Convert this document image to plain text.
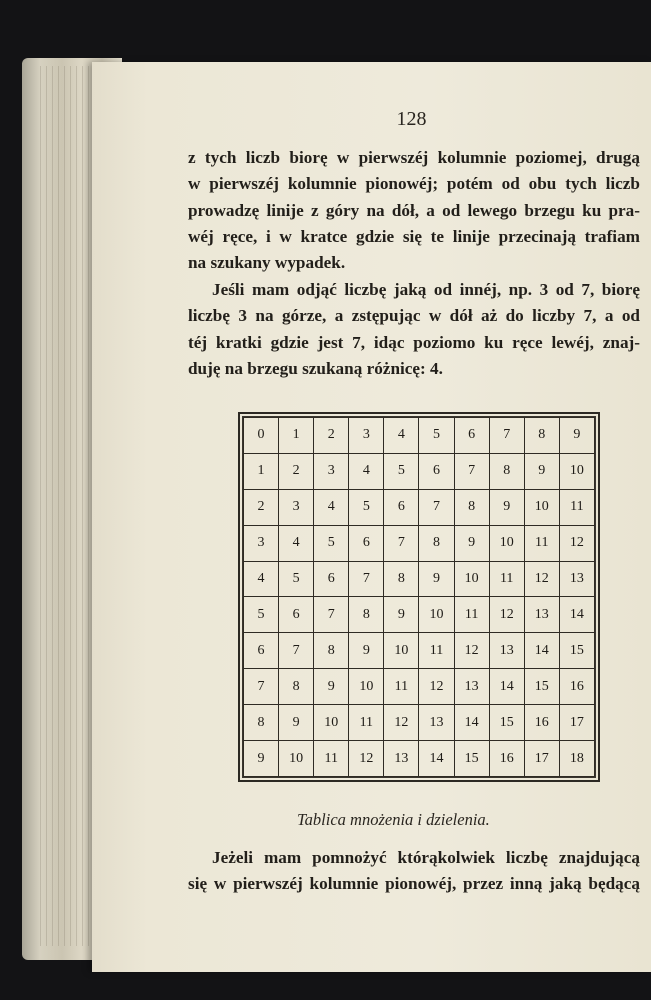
128
z tych liczb biorę w pierwszéj kolumnie poziomej, drugą
w pierwszéj kolumnie pionowéj; potém od obu tych liczb
prowadzę linije z góry na dół, a od lewego brzegu ku pra-
wéj ręce, i w kratce gdzie się te linije przecinają trafiam
na szukany wypadek.
Jeśli mam odjąć liczbę jaką od innéj, np. 3 od 7, biorę
liczbę 3 na górze, a zstępując w dół aż do liczby 7, a od
téj kratki gdzie jest 7, idąc poziomo ku ręce lewéj, znaj-
duję na brzegu szukaną różnicę: 4.
0	1	2	3	4	5	6	7	8	9
1	2	3	4	5	6	7	8	9	10
2	3	4	5	6	7	8	9	10	11
3	4	5	6	7	8	9	10	11	12
4	5	6	7	8	9	10	11	12	13
5	6	7	8	9	10	11	12	13	14
6	7	8	9	10	11	12	13	14	15
7	8	9	10	11	12	13	14	15	16
8	9	10	11	12	13	14	15	16	17
9	10	11	12	13	14	15	16	17	18
Tablica mnożenia i dzielenia.
Jeżeli mam pomnożyć którąkolwiek liczbę znajdującą
się w pierwszéj kolumnie pionowéj, przez inną jaką będącą
